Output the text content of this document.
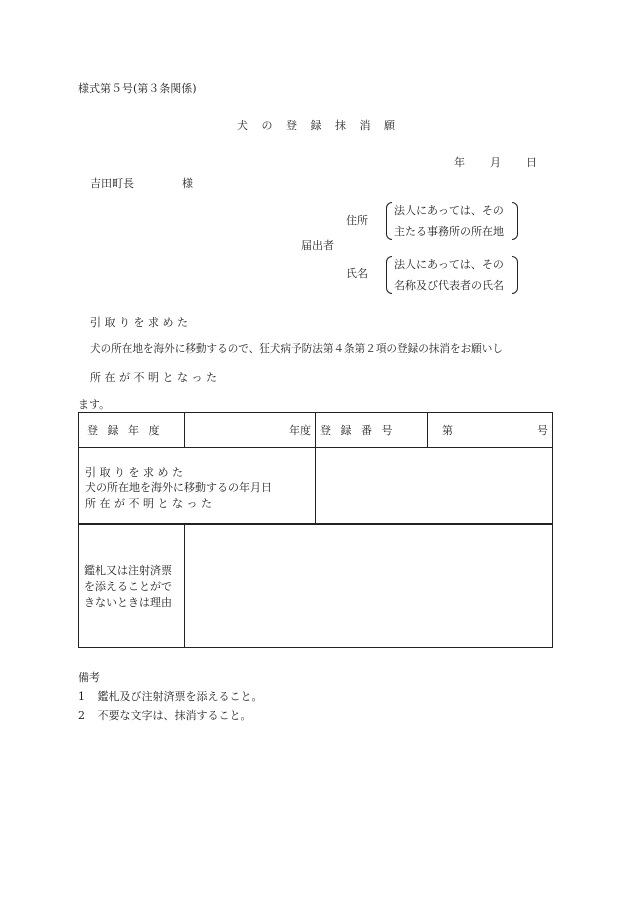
様式第５号(第３条関係)
犬 の 登 録 抹 消 願
年 月 日
吉田町長	様
住所
法人にあっては、その
主たる事務所の所在地
届出者
氏名
法人にあっては、その
名称及び代表者の氏名
引 取 り を 求 め た
犬の所在地を海外に移動するので、狂犬病予防法第４条第２項の登録の抹消をお願いし
所 在 が 不 明 と な っ た
ます。
登 録 年 度	年度	登 録 番 号	第 号

引 取 り を 求 め た
犬の所在地を海外に移動するの年月日
所 在 が 不 明 と な っ た			

鑑札又は注射済票
を添えることがで
きないときは理由

備考
1 鑑札及び注射済票を添えること。
2 不要な文字は、抹消すること。
